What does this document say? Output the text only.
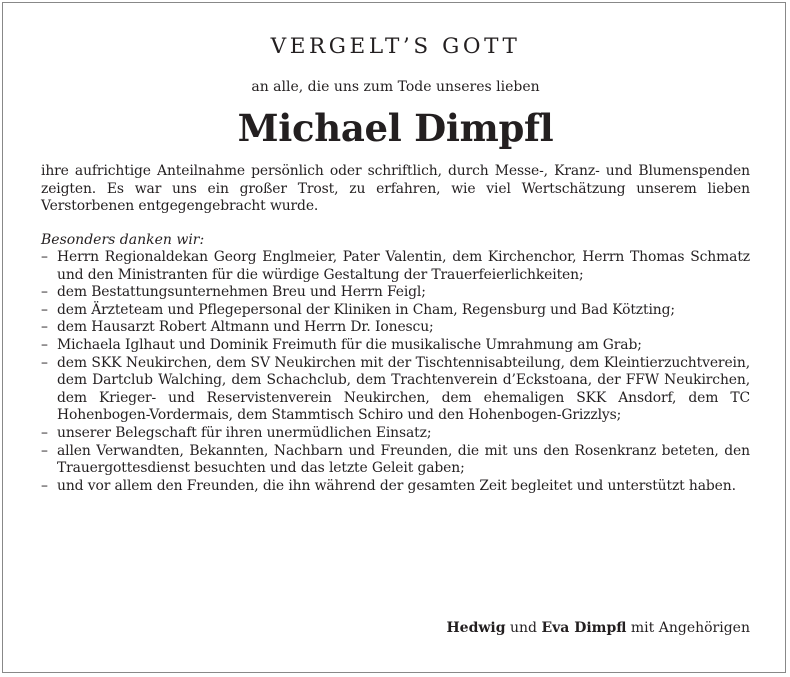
VERGELT’S GOTT
an alle, die uns zum Tode unseres lieben
Michael Dimpfl
ihre aufrichtige Anteilnahme persönlich oder schriftlich, durch Messe-, Kranz- und Blumenspenden zeigten. Es war uns ein großer Trost, zu erfahren, wie viel Wertschätzung unserem lieben Verstorbenen entgegengebracht wurde.
Besonders danken wir:
– Herrn Regionaldekan Georg Englmeier, Pater Valentin, dem Kirchenchor, Herrn Thomas Schmatz und den Ministranten für die würdige Gestaltung der Trauerfeierlichkeiten;
– dem Bestattungsunternehmen Breu und Herrn Feigl;
– dem Ärzteteam und Pflegepersonal der Kliniken in Cham, Regensburg und Bad Kötzting;
– dem Hausarzt Robert Altmann und Herrn Dr. Ionescu;
– Michaela Iglhaut und Dominik Freimuth für die musikalische Umrahmung am Grab;
– dem SKK Neukirchen, dem SV Neukirchen mit der Tischtennisabteilung, dem Kleintierzuchtverein, dem Dartclub Walching, dem Schachclub, dem Trachtenverein d’Eckstoana, der FFW Neukirchen, dem Krieger- und Reservistenverein Neukirchen, dem ehemaligen SKK Ansdorf, dem TC Hohenbogen-Vordermais, dem Stammtisch Schiro und den Hohenbogen-Grizzlys;
– unserer Belegschaft für ihren unermüdlichen Einsatz;
– allen Verwandten, Bekannten, Nachbarn und Freunden, die mit uns den Rosenkranz beteten, den Trauergottesdienst besuchten und das letzte Geleit gaben;
– und vor allem den Freunden, die ihn während der gesamten Zeit begleitet und unterstützt haben.
Hedwig und Eva Dimpfl mit Angehörigen
